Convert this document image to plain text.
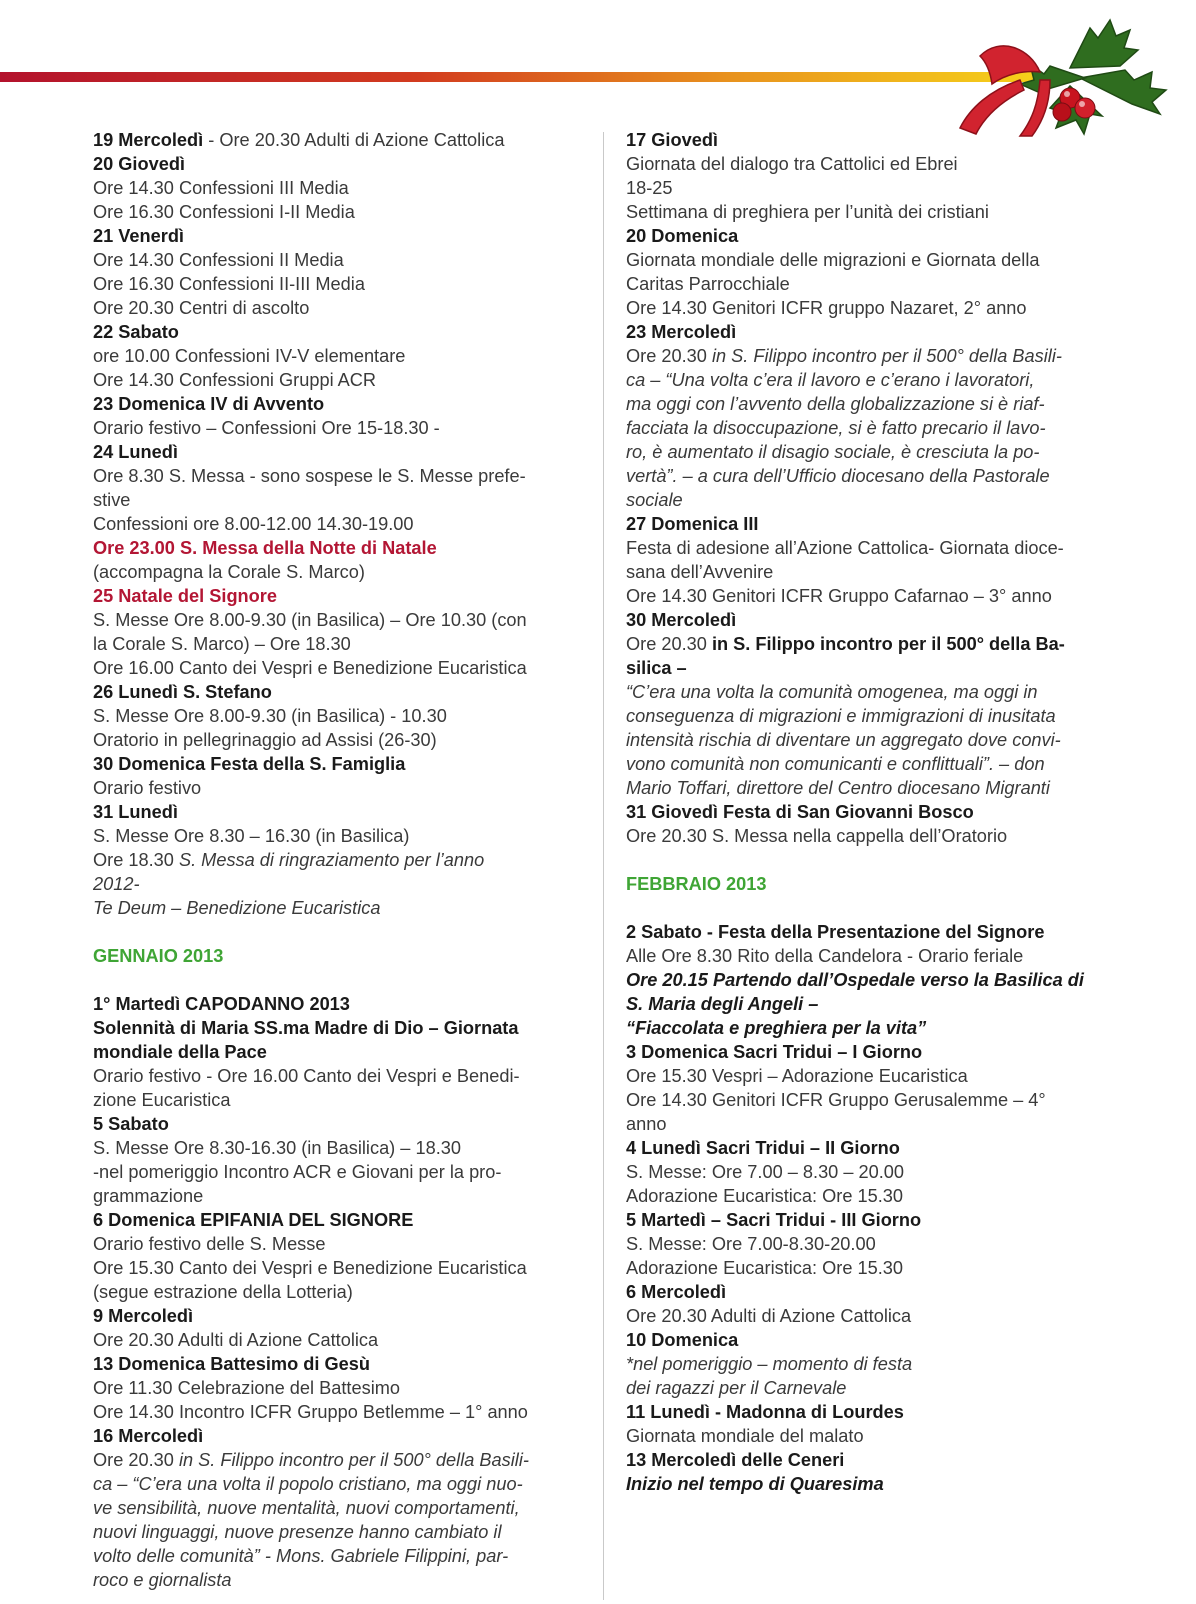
19 Mercoledì - Ore 20.30 Adulti di Azione Cattolica
20 Giovedì
Ore 14.30 Confessioni III Media
Ore 16.30 Confessioni I-II Media
21 Venerdì
Ore 14.30 Confessioni II Media
Ore 16.30 Confessioni II-III Media
Ore 20.30 Centri di ascolto
22 Sabato
ore 10.00 Confessioni IV-V elementare
Ore 14.30 Confessioni Gruppi ACR
23 Domenica IV di Avvento
Orario festivo – Confessioni Ore 15-18.30 -
24 Lunedì
Ore 8.30 S. Messa - sono sospese le S. Messe prefe-
stive
Confessioni ore 8.00-12.00 14.30-19.00
Ore 23.00 S. Messa della Notte di Natale
(accompagna la Corale S. Marco)
25 Natale del Signore
S. Messe Ore 8.00-9.30 (in Basilica) – Ore 10.30 (con
la Corale S. Marco) – Ore 18.30
Ore 16.00 Canto dei Vespri e Benedizione Eucaristica
26 Lunedì S. Stefano
S. Messe Ore 8.00-9.30 (in Basilica) - 10.30
Oratorio in pellegrinaggio ad Assisi (26-30)
30 Domenica Festa della S. Famiglia
Orario festivo
31 Lunedì
S. Messe Ore 8.30 – 16.30 (in Basilica)
Ore 18.30 S. Messa di ringraziamento per l’anno
2012-
Te Deum – Benedizione Eucaristica
GENNAIO 2013
1° Martedì CAPODANNO 2013
Solennità di Maria SS.ma Madre di Dio – Giornata
mondiale della Pace
Orario festivo - Ore 16.00 Canto dei Vespri e Benedi-
zione Eucaristica
5 Sabato
S. Messe Ore 8.30-16.30 (in Basilica) – 18.30
-nel pomeriggio Incontro ACR e Giovani per la pro-
grammazione
6 Domenica EPIFANIA DEL SIGNORE
Orario festivo delle S. Messe
Ore 15.30 Canto dei Vespri e Benedizione Eucaristica
(segue estrazione della Lotteria)
9 Mercoledì
Ore 20.30 Adulti di Azione Cattolica
13 Domenica Battesimo di Gesù
Ore 11.30 Celebrazione del Battesimo
Ore 14.30 Incontro ICFR Gruppo Betlemme – 1° anno
16 Mercoledì
Ore 20.30 in S. Filippo incontro per il 500° della Basili-
ca – “C’era una volta il popolo cristiano, ma oggi nuo-
ve sensibilità, nuove mentalità, nuovi comportamenti,
nuovi linguaggi, nuove presenze hanno cambiato il
volto delle comunità” - Mons. Gabriele Filippini, par-
roco e giornalista
17 Giovedì
Giornata del dialogo tra Cattolici ed Ebrei
18-25
Settimana di preghiera per l’unità dei cristiani
20 Domenica
Giornata mondiale delle migrazioni e Giornata della
Caritas Parrocchiale
Ore 14.30 Genitori ICFR gruppo Nazaret, 2° anno
23 Mercoledì
Ore 20.30 in S. Filippo incontro per il 500° della Basili-
ca – “Una volta c’era il lavoro e c’erano i lavoratori,
ma oggi con l’avvento della globalizzazione si è riaf-
facciata la disoccupazione, si è fatto precario il lavo-
ro, è aumentato il disagio sociale, è cresciuta la po-
vertà”. – a cura dell’Ufficio diocesano della Pastorale
sociale
27 Domenica III
Festa di adesione all’Azione Cattolica- Giornata dioce-
sana dell’Avvenire
Ore 14.30 Genitori ICFR Gruppo Cafarnao – 3° anno
30 Mercoledì
Ore 20.30 in S. Filippo incontro per il 500° della Ba-
silica –
“C’era una volta la comunità omogenea, ma oggi in
conseguenza di migrazioni e immigrazioni di inusitata
intensità rischia di diventare un aggregato dove convi-
vono comunità non comunicanti e conflittuali”. – don
Mario Toffari, direttore del Centro diocesano Migranti
31 Giovedì Festa di San Giovanni Bosco
Ore 20.30 S. Messa nella cappella dell’Oratorio
FEBBRAIO 2013
2 Sabato - Festa della Presentazione del Signore
Alle Ore 8.30 Rito della Candelora - Orario feriale
Ore 20.15 Partendo dall’Ospedale verso la Basilica di
S. Maria degli Angeli –
“Fiaccolata e preghiera per la vita”
3 Domenica Sacri Tridui – I Giorno
Ore 15.30 Vespri – Adorazione Eucaristica
Ore 14.30 Genitori ICFR Gruppo Gerusalemme – 4°
anno
4 Lunedì Sacri Tridui – II Giorno
S. Messe: Ore 7.00 – 8.30 – 20.00
Adorazione Eucaristica: Ore 15.30
5 Martedì – Sacri Tridui - III Giorno
S. Messe: Ore 7.00-8.30-20.00
Adorazione Eucaristica: Ore 15.30
6 Mercoledì
Ore 20.30 Adulti di Azione Cattolica
10 Domenica
*nel pomeriggio – momento di festa
dei ragazzi per il Carnevale
11 Lunedì - Madonna di Lourdes
Giornata mondiale del malato
13 Mercoledì delle Ceneri
Inizio nel tempo di Quaresima
